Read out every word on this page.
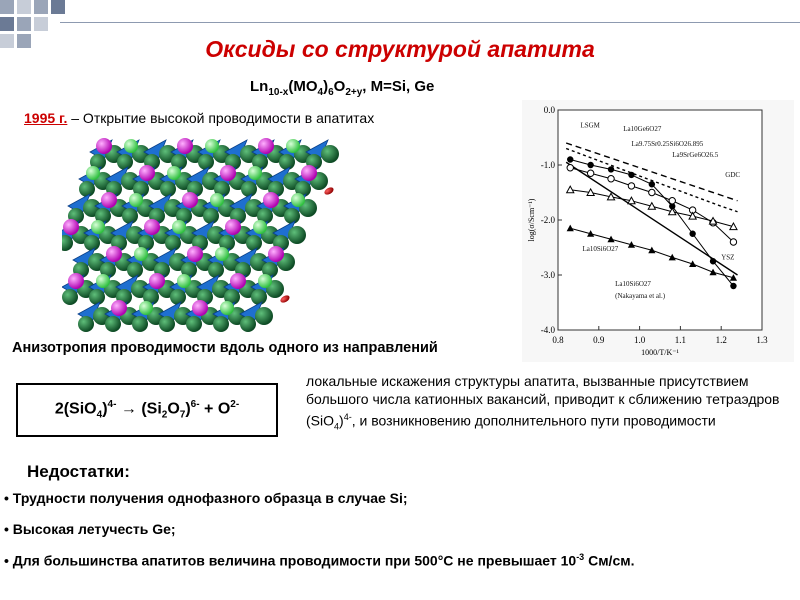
Оксиды со структурой апатита
$Ln_{10-x}(MO_4)_6O_{2+y}$, M=Si, Ge
1995 г. – Открытие высокой проводимости в апатитах
0.8	0.9	1.0	1.1	1.2	1.3
0.0
-1.0
-2.0
-3.0
-4.0
1000/T/K⁻¹
log(σ/Scm⁻¹)
LSGM	La10Ge6O27
La9.75Sr0.25Si6O26.895
La9SrGe6O26.5
GDC
YSZ
La10Si6O27
La10Si6O27
(Nakayama et al.)
Анизотропия проводимости вдоль одного из направлений
$2(SiO_4)^{4-} \to (Si_2O_7)^{6-} + O^{2-}$
локальные искажения структуры апатита, вызванные присутствием большого числа катионных вакансий, приводит к сближению тетраэдров $(SiO_4)^{4-}$, и возникновению дополнительного пути проводимости
Недостатки:
• Трудности получения однофазного образца в случае Si;
• Высокая летучесть Ge;
• Для большинства апатитов величина проводимости при 500°C не превышает $10^{-3}$ См/см.
